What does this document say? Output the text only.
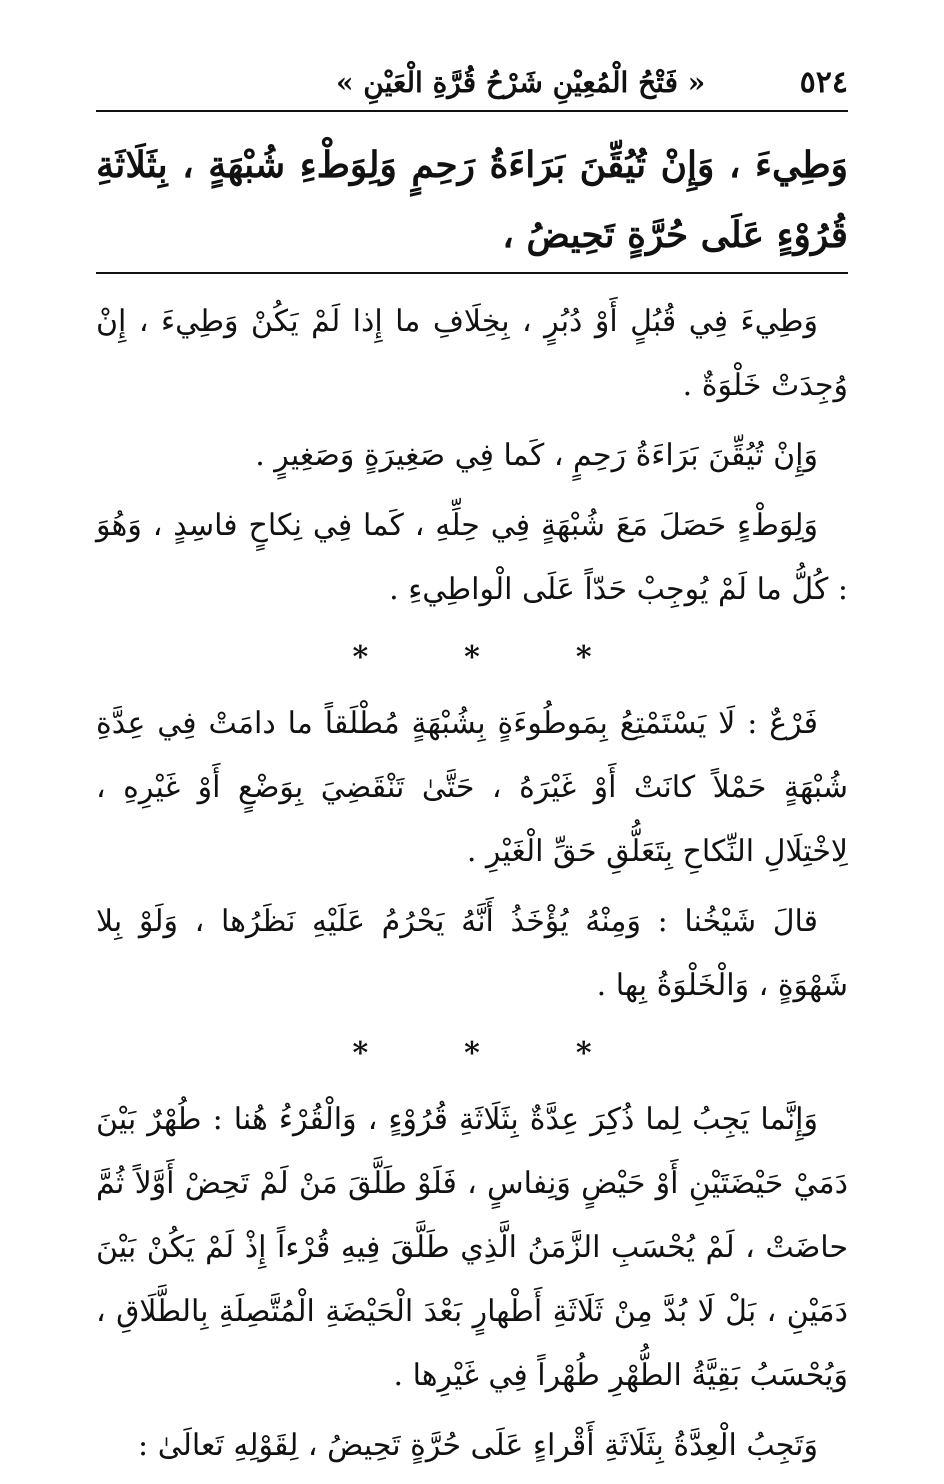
٥٢٤
« فَتْحُ الْمُعِيْنِ شَرْحُ قُرَّةِ الْعَيْنِ »

وَطِيءَ ، وَإِنْ تُيُقِّنَ بَرَاءَةُ رَحِمٍ وَلِوَطْءِ شُبْهَةٍ ، بِثَلَاثَةِ قُرُوْءٍ عَلَى حُرَّةٍ تَحِيضُ ،

وَطِيءَ فِي قُبُلٍ أَوْ دُبُرٍ ، بِخِلَافِ ما إِذا لَمْ يَكُنْ وَطِيءَ ، إِنْ وُجِدَتْ خَلْوَةٌ .

وَإِنْ تُيُقِّنَ بَرَاءَةُ رَحِمٍ ، كَما فِي صَغِيرَةٍ وَصَغِيرٍ .

وَلِوَطْءٍ حَصَلَ مَعَ شُبْهَةٍ فِي حِلِّهِ ، كَما فِي نِكاحٍ فاسِدٍ ، وَهُوَ : كُلُّ ما لَمْ يُوجِبْ حَدّاً عَلَى الْواطِيءِ .

*
*
*

فَرْعٌ : لَا يَسْتَمْتِعُ بِمَوطُوءَةٍ بِشُبْهَةٍ مُطْلَقاً ما دامَتْ فِي عِدَّةِ شُبْهَةٍ حَمْلاً كانَتْ أَوْ غَيْرَهُ ، حَتَّىٰ تَنْقَضِيَ بِوَضْعٍ أَوْ غَيْرِهِ ، لِاخْتِلَالِ النِّكاحِ بِتَعَلُّقِ حَقِّ الْغَيْرِ .

قالَ شَيْخُنا : وَمِنْهُ يُؤْخَذُ أَنَّهُ يَحْرُمُ عَلَيْهِ نَظَرُها ، وَلَوْ بِلا شَهْوَةٍ ، وَالْخَلْوَةُ بِها .

*
*
*

وَإِنَّما يَجِبُ لِما ذُكِرَ عِدَّةٌ بِثَلَاثَةِ قُرُوْءٍ ، وَالْقُرْءُ هُنا : طُهْرٌ بَيْنَ دَمَيْ حَيْضَتَيْنِ أَوْ حَيْضٍ وَنِفاسٍ ، فَلَوْ طَلَّقَ مَنْ لَمْ تَحِضْ أَوَّلاً ثُمَّ حاضَتْ ، لَمْ يُحْسَبِ الزَّمَنُ الَّذِي طَلَّقَ فِيهِ قُرْءاً إِذْ لَمْ يَكُنْ بَيْنَ دَمَيْنِ ، بَلْ لَا بُدَّ مِنْ ثَلَاثَةِ أَطْهارٍ بَعْدَ الْحَيْضَةِ الْمُتَّصِلَةِ بِالطَّلَاقِ ، وَيُحْسَبُ بَقِيَّةُ الطُّهْرِ طُهْراً فِي غَيْرِها .

وَتَجِبُ الْعِدَّةُ بِثَلَاثَةِ أَقْراءٍ عَلَى حُرَّةٍ تَحِيضُ ، لِقَوْلِهِ تَعالَىٰ :
